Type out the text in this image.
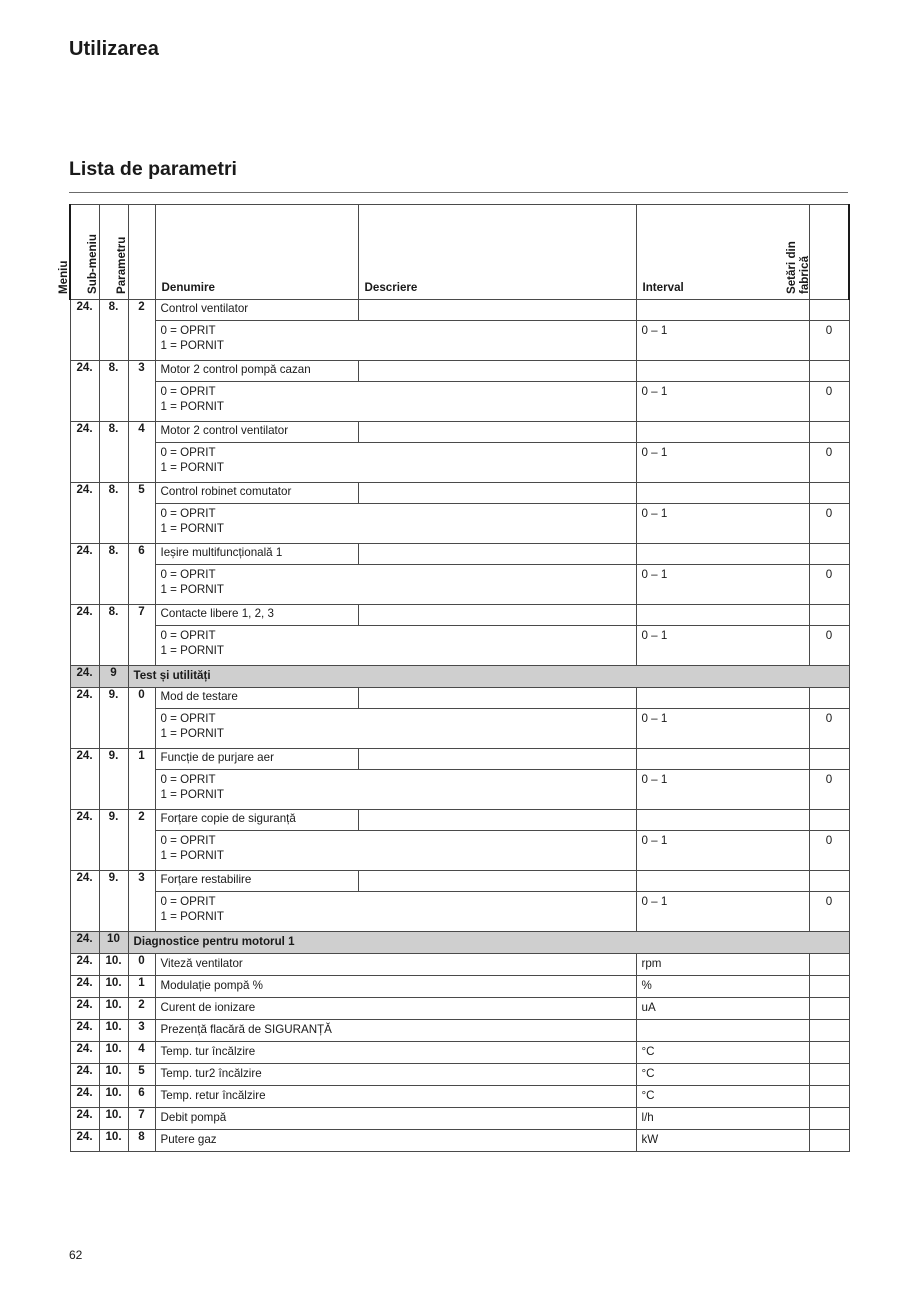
Utilizarea
Lista de parametri
Meniu	Sub-meniu	Parametru	Denumire	Descriere	Interval	Setări din
fabrică

24.	8.	2	Control ventilator			

			0 = OPRIT
1 = PORNIT		0 – 1	0

24.	8.	3	Motor 2 control pompă cazan			

			0 = OPRIT
1 = PORNIT		0 – 1	0

24.	8.	4	Motor 2 control ventilator			

			0 = OPRIT
1 = PORNIT		0 – 1	0

24.	8.	5	Control robinet comutator			

			0 = OPRIT
1 = PORNIT		0 – 1	0

24.	8.	6	Ieșire multifuncțională 1			

			0 = OPRIT
1 = PORNIT		0 – 1	0

24.	8.	7	Contacte libere 1, 2, 3			

			0 = OPRIT
1 = PORNIT		0 – 1	0

24.	9	Test și utilități				

24.	9.	0	Mod de testare			

			0 = OPRIT
1 = PORNIT		0 – 1	0

24.	9.	1	Funcție de purjare aer			

			0 = OPRIT
1 = PORNIT		0 – 1	0

24.	9.	2	Forțare copie de siguranță			

			0 = OPRIT
1 = PORNIT		0 – 1	0

24.	9.	3	Forțare restabilire			

			0 = OPRIT
1 = PORNIT		0 – 1	0

24.	10	Diagnostice pentru motorul 1				

24.	10.	0	Viteză ventilator		rpm	

24.	10.	1	Modulație pompă %		%	

24.	10.	2	Curent de ionizare		uA	

24.	10.	3	Prezență flacără de SIGURANȚĂ			

24.	10.	4	Temp. tur încălzire		°C	

24.	10.	5	Temp. tur2 încălzire		°C	

24.	10.	6	Temp. retur încălzire		°C	

24.	10.	7	Debit pompă		l/h	

24.	10.	8	Putere gaz		kW	

62
